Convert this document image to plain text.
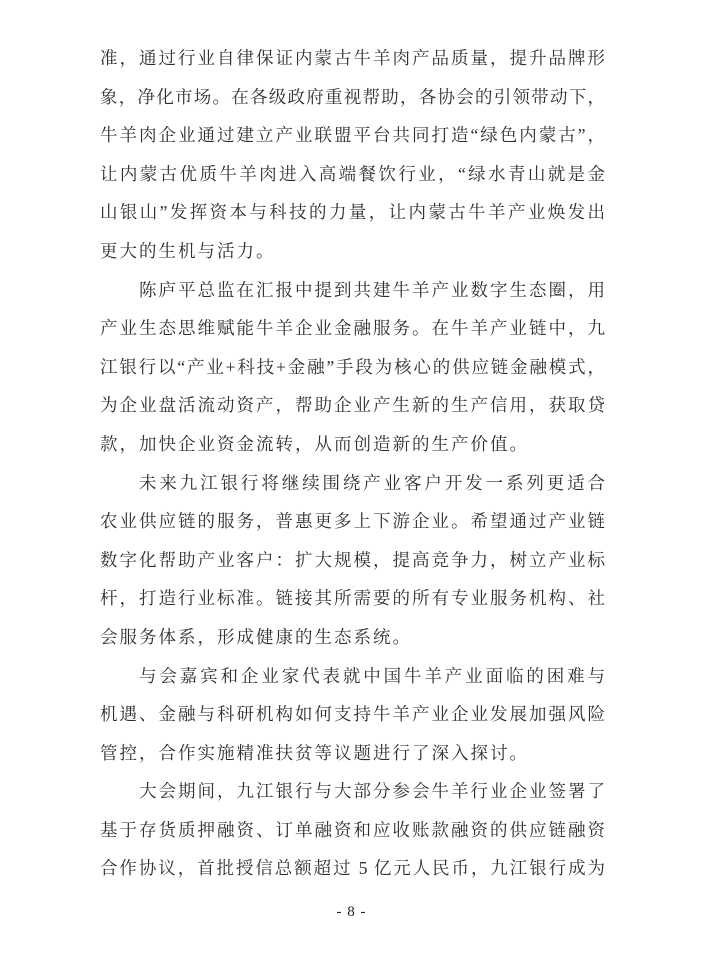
准，通过行业自律保证内蒙古牛羊肉产品质量，提升品牌形
象，净化市场。在各级政府重视帮助，各协会的引领带动下，
牛羊肉企业通过建立产业联盟平台共同打造“绿色内蒙古”，
让内蒙古优质牛羊肉进入高端餐饮行业，“绿水青山就是金
山银山”发挥资本与科技的力量，让内蒙古牛羊产业焕发出
更大的生机与活力。
陈庐平总监在汇报中提到共建牛羊产业数字生态圈，用
产业生态思维赋能牛羊企业金融服务。在牛羊产业链中，九
江银行以“产业+科技+金融”手段为核心的供应链金融模式，
为企业盘活流动资产，帮助企业产生新的生产信用，获取贷
款，加快企业资金流转，从而创造新的生产价值。
未来九江银行将继续围绕产业客户开发一系列更适合
农业供应链的服务，普惠更多上下游企业。希望通过产业链
数字化帮助产业客户：扩大规模，提高竞争力，树立产业标
杆，打造行业标准。链接其所需要的所有专业服务机构、社
会服务体系，形成健康的生态系统。
与会嘉宾和企业家代表就中国牛羊产业面临的困难与
机遇、金融与科研机构如何支持牛羊产业企业发展加强风险
管控，合作实施精准扶贫等议题进行了深入探讨。
大会期间，九江银行与大部分参会牛羊行业企业签署了
基于存货质押融资、订单融资和应收账款融资的供应链融资
合作协议，首批授信总额超过 5 亿元人民币，九江银行成为
- 8 -
